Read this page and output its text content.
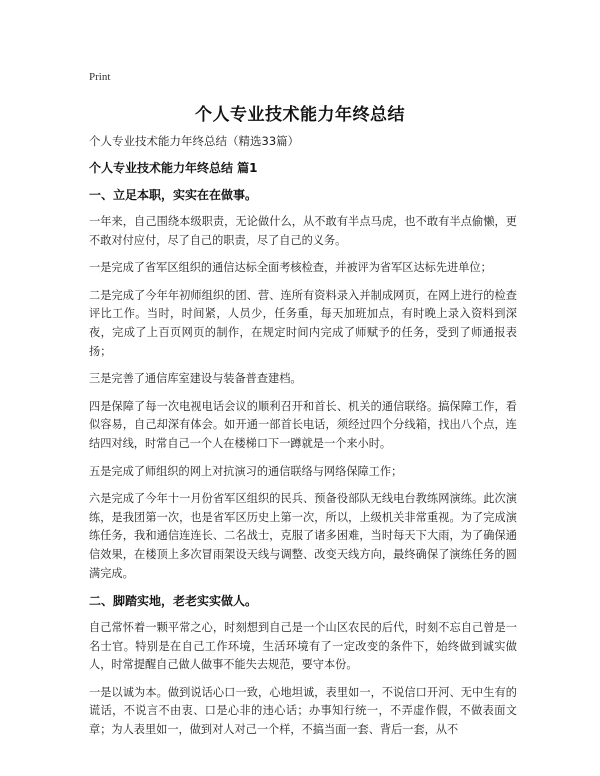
Print
个人专业技术能力年终总结

个人专业技术能力年终总结（精选33篇）

个人专业技术能力年终总结 篇1

一、立足本职，实实在在做事。

一年来，自己围绕本级职责，无论做什么，从不敢有半点马虎，也不敢有半点偷懒，更不敢对付应付，尽了自己的职责，尽了自己的义务。

一是完成了省军区组织的通信达标全面考核检查，并被评为省军区达标先进单位；

二是完成了今年年初师组织的团、营、连所有资料录入并制成网页，在网上进行的检查评比工作。当时，时间紧，人员少，任务重，每天加班加点，有时晚上录入资料到深夜，完成了上百页网页的制作，在规定时间内完成了师赋予的任务，受到了师通报表扬；

三是完善了通信库室建设与装备普查建档。

四是保障了每一次电视电话会议的顺利召开和首长、机关的通信联络。搞保障工作，看似容易，自己却深有体会。如开通一部首长电话，须经过四个分线箱，找出八个点，连结四对线，时常自己一个人在楼梯口下一蹲就是一个来小时。

五是完成了师组织的网上对抗演习的通信联络与网络保障工作；

六是完成了今年十一月份省军区组织的民兵、预备役部队无线电台教练网演练。此次演练，是我团第一次，也是省军区历史上第一次，所以，上级机关非常重视。为了完成演练任务，我和通信连连长、二名战士，克服了诸多困难，当时每天下大雨，为了确保通信效果，在楼顶上多次冒雨架设天线与调整、改变天线方向，最终确保了演练任务的圆满完成。

二、脚踏实地，老老实实做人。

自己常怀着一颗平常之心，时刻想到自己是一个山区农民的后代，时刻不忘自己曾是一名士官。特别是在自己工作环境，生活环境有了一定改变的条件下，始终做到诚实做人，时常提醒自己做人做事不能失去规范，要守本份。

一是以诚为本。做到说话心口一致，心地坦诚，表里如一，不说信口开河、无中生有的谎话，不说言不由衷、口是心非的违心话；办事知行统一，不弄虚作假，不做表面文章；为人表里如一，做到对人对己一个样，不搞当面一套、背后一套，从不
